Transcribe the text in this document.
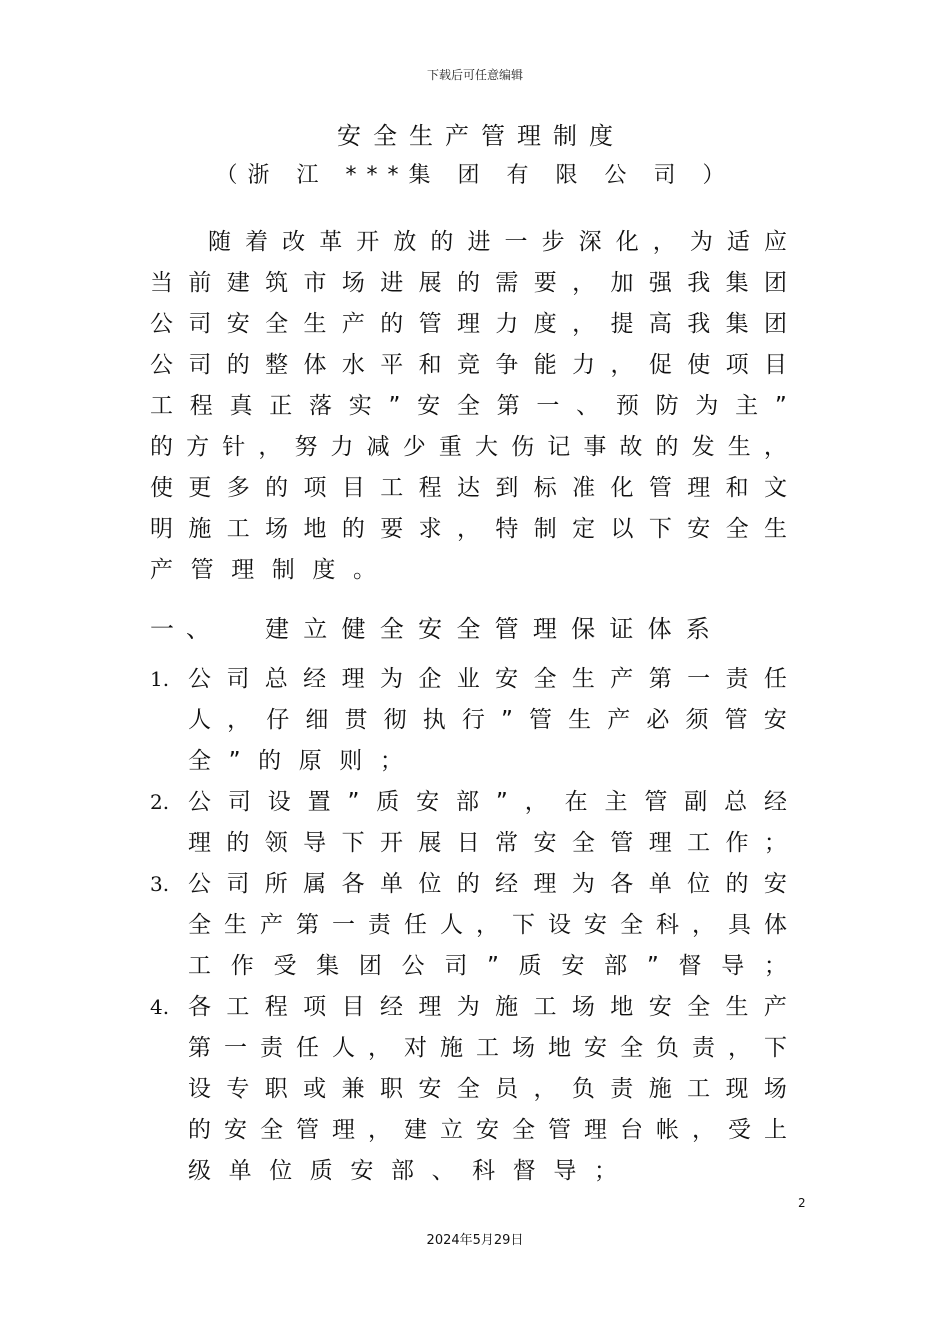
下载后可任意编辑
安全生产管理制度
（浙 江 ***集 团 有 限 公 司 ）
随 着 改 革 开 放 的 进 一 步 深 化 ， 为 适 应
当 前 建 筑 市 场 进 展 的 需 要 ， 加 强 我 集 团
公 司 安 全 生 产 的 管 理 力 度 ， 提 高 我 集 团
公 司 的 整 体 水 平 和 竞 争 能 力 ， 促 使 项 目
工 程 真 正 落 实 ” 安 全 第 一 、 预 防 为 主 ”
的 方 针 ， 努 力 减 少 重 大 伤 记 事 故 的 发 生 ，
使 更 多 的 项 目 工 程 达 到 标 准 化 管 理 和 文
明 施 工 场 地 的 要 求 ， 特 制 定 以 下 安 全 生
产 管 理 制 度 。
一 、 建 立 健 全 安 全 管 理 保 证 体 系
1. 公 司 总 经 理 为 企 业 安 全 生 产 第 一 责 任
人 ， 仔 细 贯 彻 执 行 ” 管 生 产 必 须 管 安
全 ” 的 原 则 ；
2. 公 司 设 置 ” 质 安 部 ” ， 在 主 管 副 总 经
理 的 领 导 下 开 展 日 常 安 全 管 理 工 作 ；
3. 公 司 所 属 各 单 位 的 经 理 为 各 单 位 的 安
全 生 产 第 一 责 任 人 ， 下 设 安 全 科 ， 具 体
工 作 受 集 团 公 司 ” 质 安 部 ” 督 导 ；
4. 各 工 程 项 目 经 理 为 施 工 场 地 安 全 生 产
第 一 责 任 人 ， 对 施 工 场 地 安 全 负 责 ， 下
设 专 职 或 兼 职 安 全 员 ， 负 责 施 工 现 场
的 安 全 管 理 ， 建 立 安 全 管 理 台 帐 ， 受 上
级 单 位 质 安 部 、 科 督 导 ；
2
2024年5月29日
